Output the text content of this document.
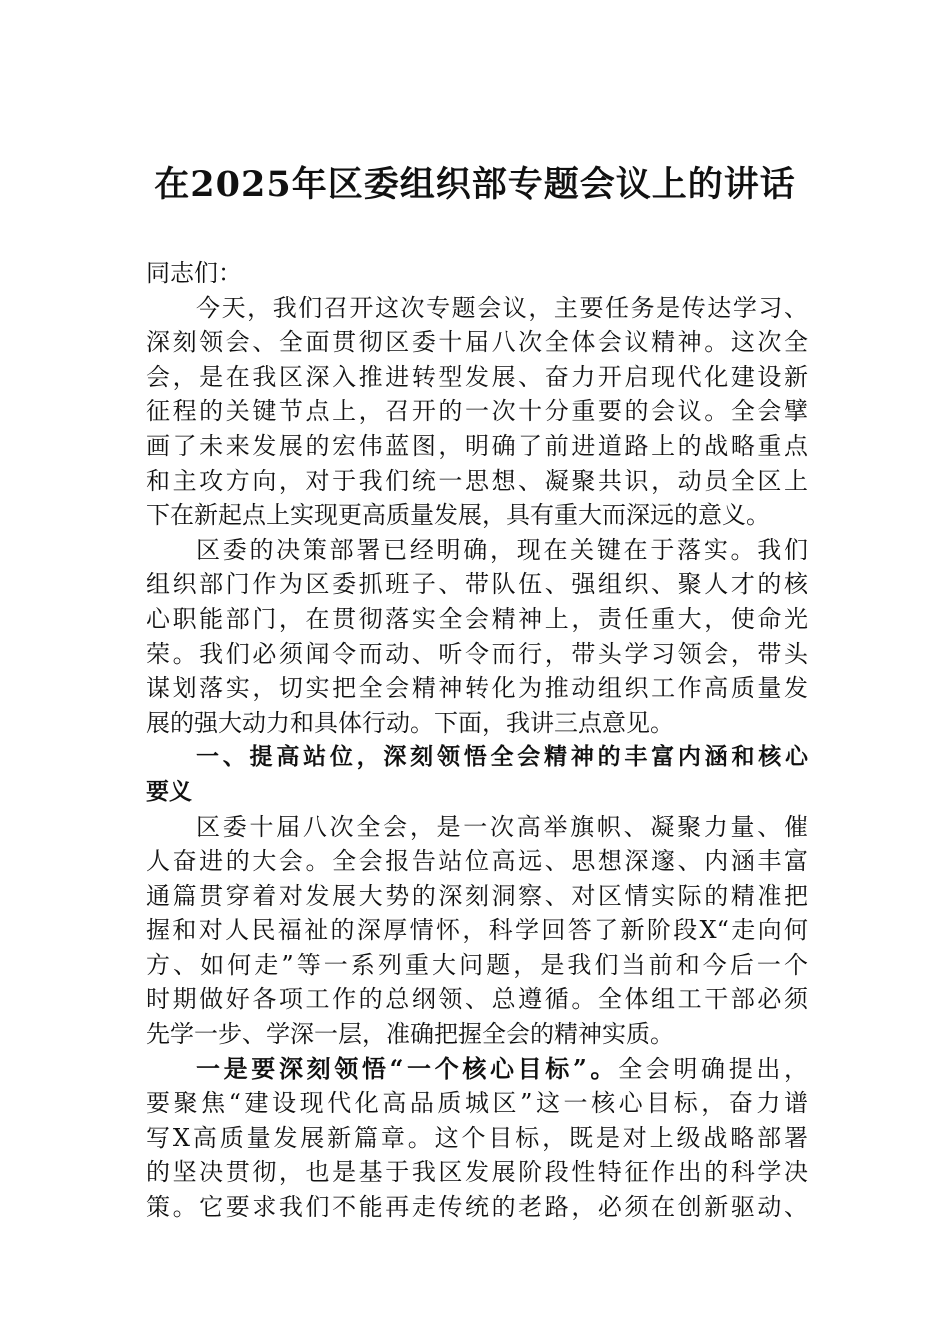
在2025年区委组织部专题会议上的讲话
同志们：
今天，我们召开这次专题会议，主要任务是传达学习、
深刻领会、全面贯彻区委十届八次全体会议精神。这次全
会，是在我区深入推进转型发展、奋力开启现代化建设新
征程的关键节点上，召开的一次十分重要的会议。全会擘
画了未来发展的宏伟蓝图，明确了前进道路上的战略重点
和主攻方向，对于我们统一思想、凝聚共识，动员全区上
下在新起点上实现更高质量发展，具有重大而深远的意义。
区委的决策部署已经明确，现在关键在于落实。我们
组织部门作为区委抓班子、带队伍、强组织、聚人才的核
心职能部门，在贯彻落实全会精神上，责任重大，使命光
荣。我们必须闻令而动、听令而行，带头学习领会，带头
谋划落实，切实把全会精神转化为推动组织工作高质量发
展的强大动力和具体行动。下面，我讲三点意见。
一、提高站位，深刻领悟全会精神的丰富内涵和核心
要义
区委十届八次全会，是一次高举旗帜、凝聚力量、催
人奋进的大会。全会报告站位高远、思想深邃、内涵丰富
通篇贯穿着对发展大势的深刻洞察、对区情实际的精准把
握和对人民福祉的深厚情怀，科学回答了新阶段X“走向何
方、如何走”等一系列重大问题，是我们当前和今后一个
时期做好各项工作的总纲领、总遵循。全体组工干部必须
先学一步、学深一层，准确把握全会的精神实质。
一是要深刻领悟“一个核心目标”。全会明确提出，
要聚焦“建设现代化高品质城区”这一核心目标，奋力谱
写X高质量发展新篇章。这个目标，既是对上级战略部署
的坚决贯彻，也是基于我区发展阶段性特征作出的科学决
策。它要求我们不能再走传统的老路，必须在创新驱动、
